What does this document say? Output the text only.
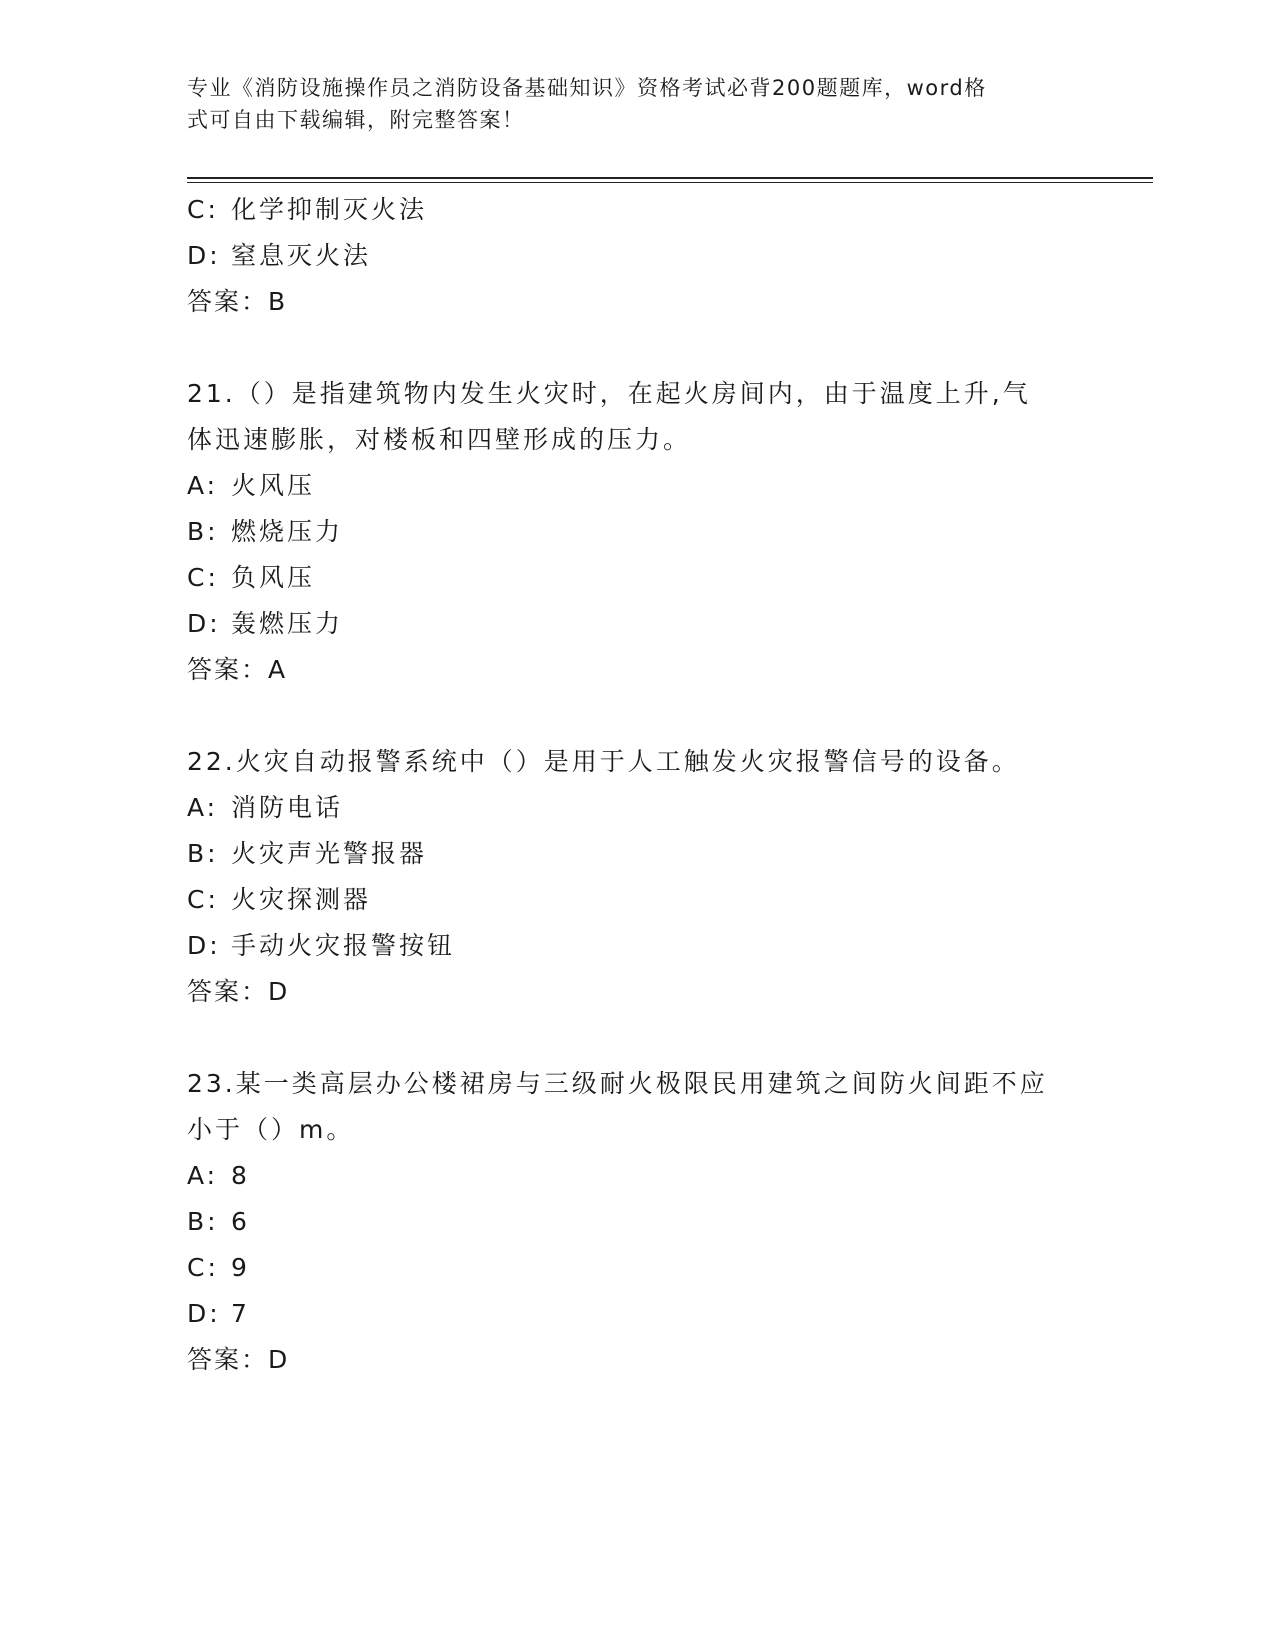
专业《消防设施操作员之消防设备基础知识》资格考试必背200题题库，word格
式可自由下载编辑，附完整答案！
C: 化学抑制灭火法
D: 窒息灭火法
答案：B
21.（）是指建筑物内发生火灾时，在起火房间内，由于温度上升,气
体迅速膨胀，对楼板和四壁形成的压力。
A: 火风压
B: 燃烧压力
C: 负风压
D: 轰燃压力
答案：A
22.火灾自动报警系统中（）是用于人工触发火灾报警信号的设备。
A: 消防电话
B: 火灾声光警报器
C: 火灾探测器
D: 手动火灾报警按钮
答案：D
23.某一类高层办公楼裙房与三级耐火极限民用建筑之间防火间距不应
小于（）m。
A: 8
B: 6
C: 9
D: 7
答案：D
